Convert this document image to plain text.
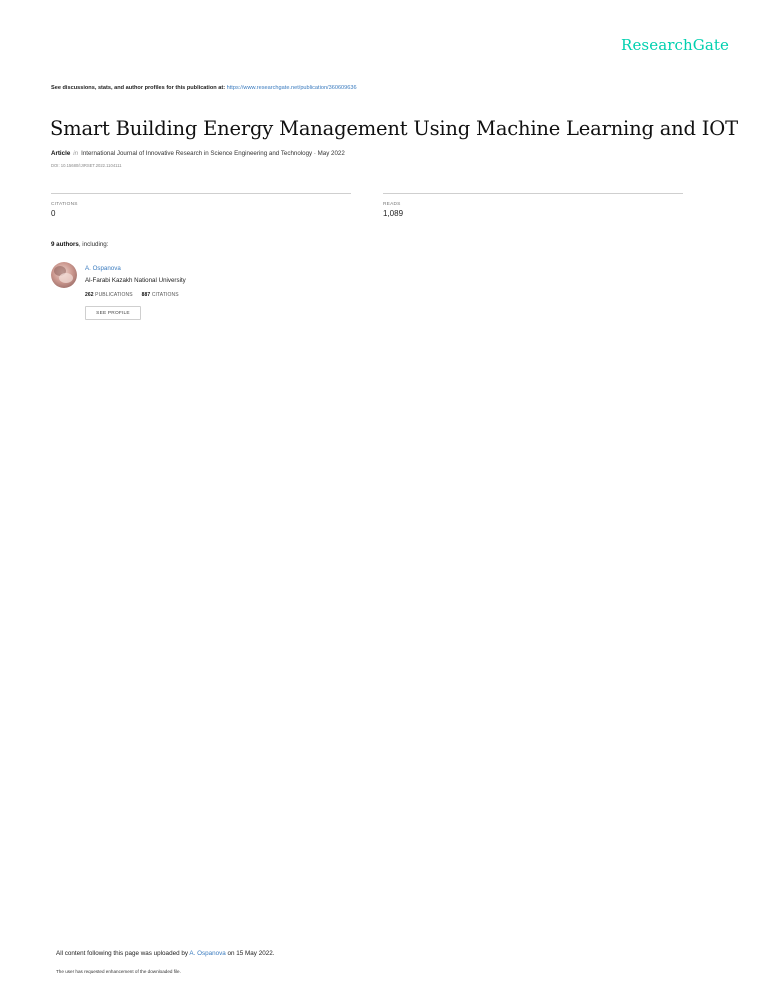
ResearchGate
See discussions, stats, and author profiles for this publication at: https://www.researchgate.net/publication/360609636
Smart Building Energy Management Using Machine Learning and IOT
Article in International Journal of Innovative Research in Science Engineering and Technology · May 2022
DOI: 10.15680/IJIRSET.2022.1104111
CITATIONS
0
READS
1,089
9 authors, including:
A. Ospanova
Al-Farabi Kazakh National University
262 PUBLICATIONS 887 CITATIONS
SEE PROFILE
All content following this page was uploaded by A. Ospanova on 15 May 2022.
The user has requested enhancement of the downloaded file.
